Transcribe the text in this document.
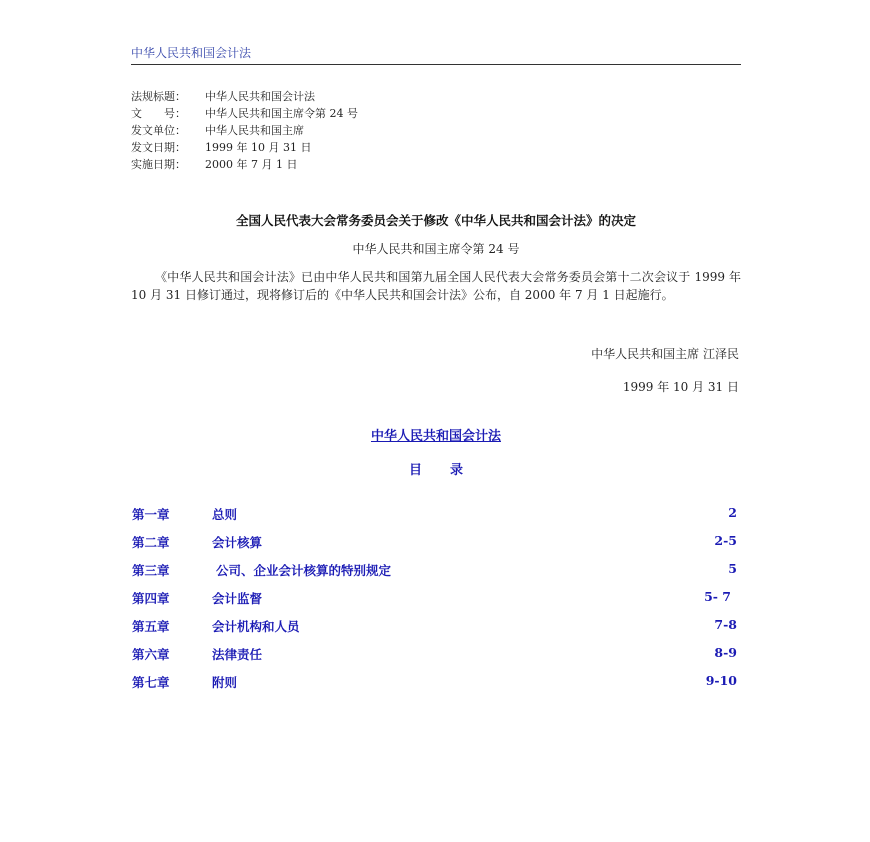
中华人民共和国会计法
法规标题：	中华人民共和国会计法
文　　号：	中华人民共和国主席令第 24 号
发文单位：	中华人民共和国主席
发文日期：	1999 年 10 月 31 日
实施日期：	2000 年 7 月 1 日
全国人民代表大会常务委员会关于修改《中华人民共和国会计法》的决定
中华人民共和国主席令第 24 号
《中华人民共和国会计法》已由中华人民共和国第九届全国人民代表大会常务委员会第十二次会议于 1999 年 10 月 31 日修订通过，现将修订后的《中华人民共和国会计法》公布，自 2000 年 7 月 1 日起施行。
中华人民共和国主席 江泽民
1999 年 10 月 31 日
中华人民共和国会计法
目录
第一章	总则	2
第二章	会计核算	2-5
第三章	公司、企业会计核算的特别规定	5
第四章	会计监督	5- 7
第五章	会计机构和人员	7-8
第六章	法律责任	8-9
第七章	附则	9-10
